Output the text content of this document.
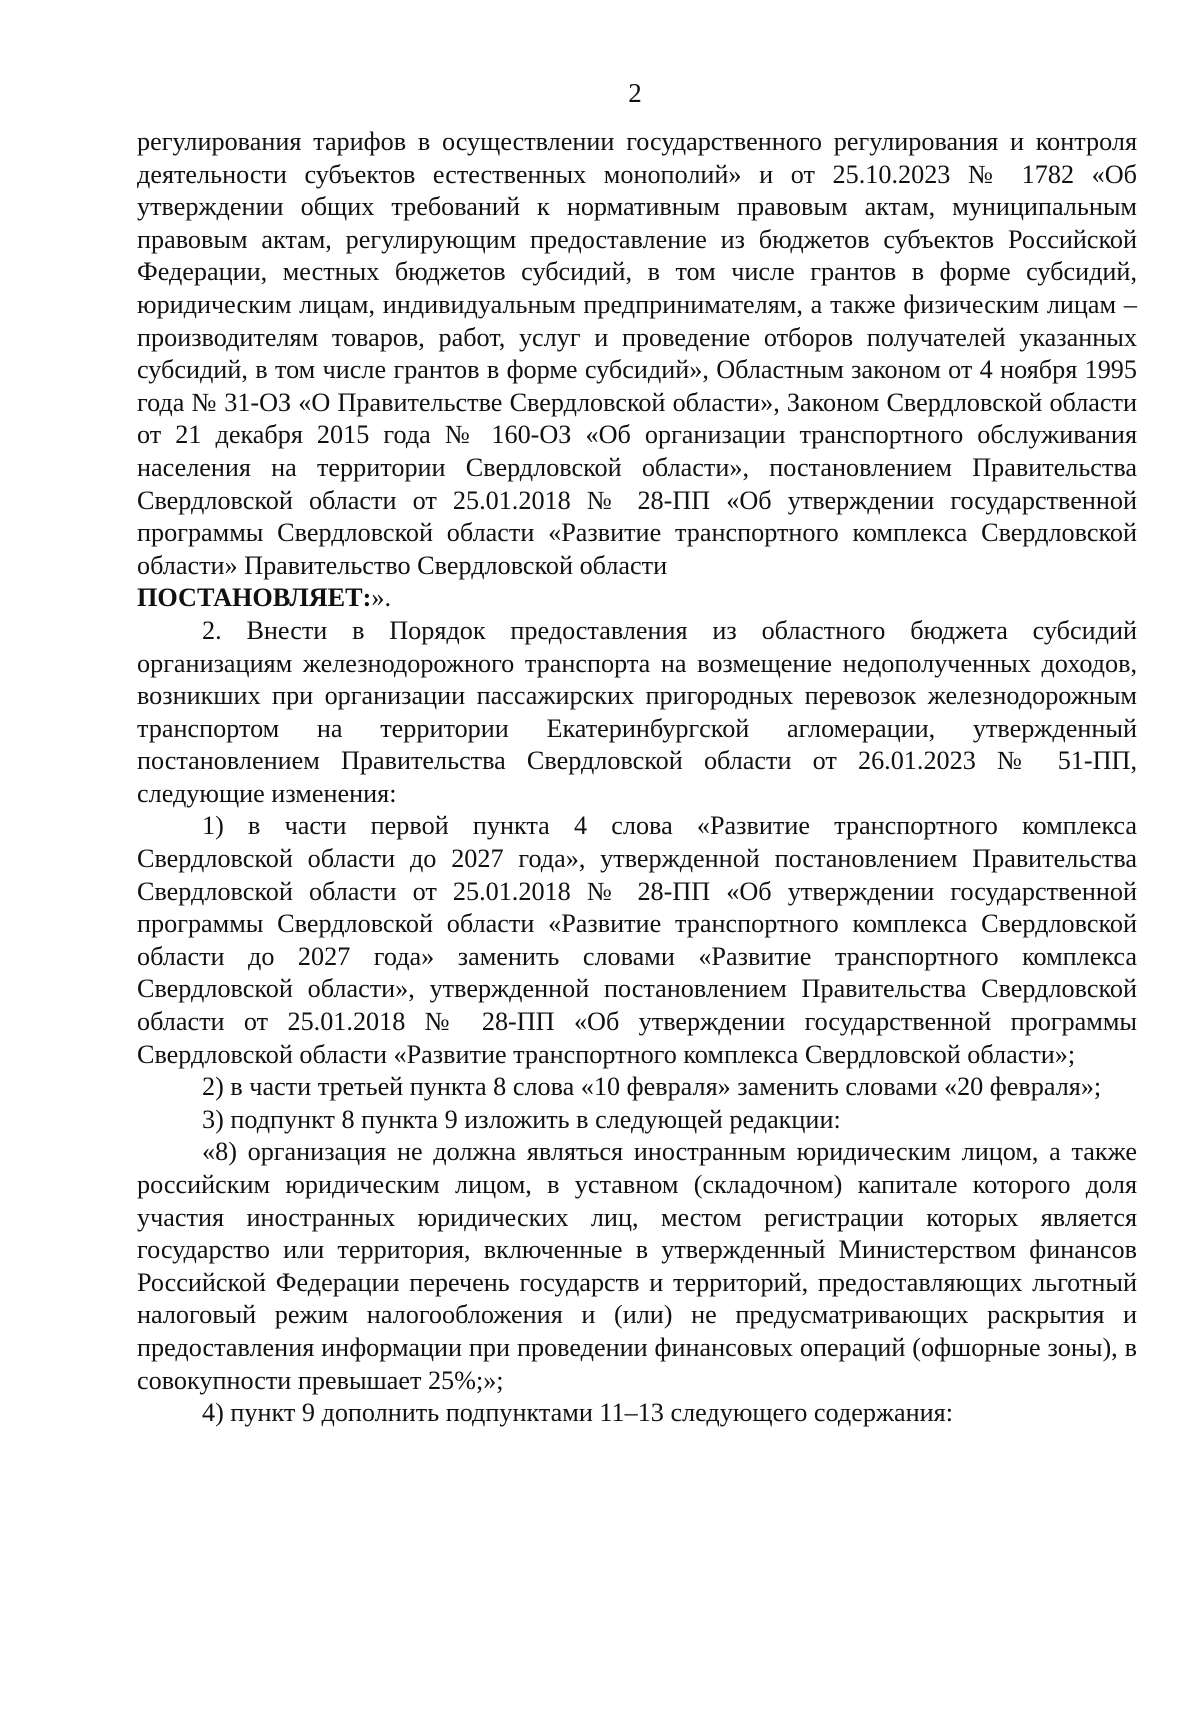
2

регулирования тарифов в осуществлении государственного регулирования и контроля деятельности субъектов естественных монополий» и от 25.10.2023 № 1782 «Об утверждении общих требований к нормативным правовым актам, муниципальным правовым актам, регулирующим предоставление из бюджетов субъектов Российской Федерации, местных бюджетов субсидий, в том числе грантов в форме субсидий, юридическим лицам, индивидуальным предпринимателям, а также физическим лицам – производителям товаров, работ, услуг и проведение отборов получателей указанных субсидий, в том числе грантов в форме субсидий», Областным законом от 4 ноября 1995 года № 31-ОЗ «О Правительстве Свердловской области», Законом Свердловской области от 21 декабря 2015 года № 160-ОЗ «Об организации транспортного обслуживания населения на территории Свердловской области», постановлением Правительства Свердловской области от 25.01.2018 № 28-ПП «Об утверждении государственной программы Свердловской области «Развитие транспортного комплекса Свердловской области» Правительство Свердловской области

ПОСТАНОВЛЯЕТ:».

2. Внести в Порядок предоставления из областного бюджета субсидий организациям железнодорожного транспорта на возмещение недополученных доходов, возникших при организации пассажирских пригородных перевозок железнодорожным транспортом на территории Екатеринбургской агломерации, утвержденный постановлением Правительства Свердловской области от 26.01.2023 № 51-ПП, следующие изменения:

1) в части первой пункта 4 слова «Развитие транспортного комплекса Свердловской области до 2027 года», утвержденной постановлением Правительства Свердловской области от 25.01.2018 № 28-ПП «Об утверждении государственной программы Свердловской области «Развитие транспортного комплекса Свердловской области до 2027 года» заменить словами «Развитие транспортного комплекса Свердловской области», утвержденной постановлением Правительства Свердловской области от 25.01.2018 № 28-ПП «Об утверждении государственной программы Свердловской области «Развитие транспортного комплекса Свердловской области»;

2) в части третьей пункта 8 слова «10 февраля» заменить словами «20 февраля»;

3) подпункт 8 пункта 9 изложить в следующей редакции:

«8) организация не должна являться иностранным юридическим лицом, а также российским юридическим лицом, в уставном (складочном) капитале которого доля участия иностранных юридических лиц, местом регистрации которых является государство или территория, включенные в утвержденный Министерством финансов Российской Федерации перечень государств и территорий, предоставляющих льготный налоговый режим налогообложения и (или) не предусматривающих раскрытия и предоставления информации при проведении финансовых операций (офшорные зоны), в совокупности превышает 25%;»;

4) пункт 9 дополнить подпунктами 11–13 следующего содержания:
